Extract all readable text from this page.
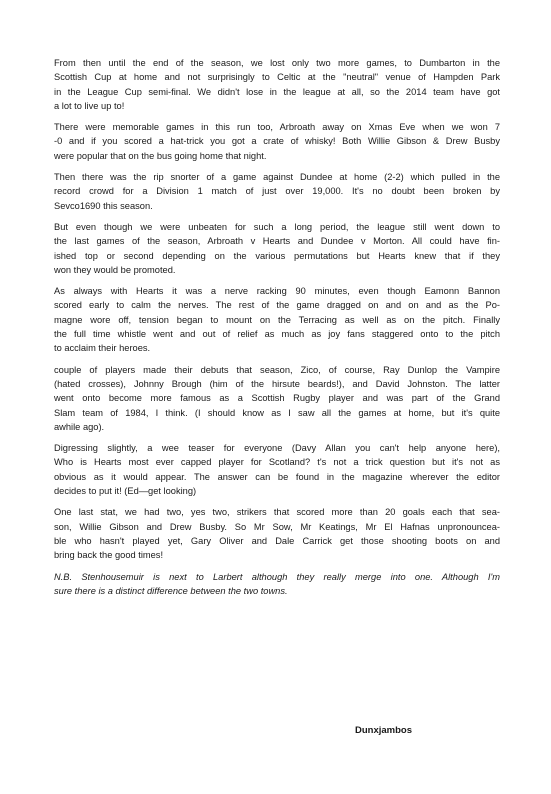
From then until the end of the season, we lost only two more games, to Dumbarton in the
Scottish Cup at home and not surprisingly to Celtic at the "neutral" venue of Hampden Park
in the League Cup semi-final. We didn't lose in the league at all, so the 2014 team have got
a lot to live up to!
There were memorable games in this run too, Arbroath away on Xmas Eve when we won 7
-0 and if you scored a hat-trick you got a crate of whisky! Both Willie Gibson & Drew Busby
were popular that on the bus going home that night.
Then there was the rip snorter of a game against Dundee at home (2-2) which pulled in the
record crowd for a Division 1 match of just over 19,000. It's no doubt been broken by
Sevco1690 this season.
But even though we were unbeaten for such a long period, the league still went down to
the last games of the season, Arbroath v Hearts and Dundee v Morton. All could have fin-
ished top or second depending on the various permutations but Hearts knew that if they
won they would be promoted.
As always with Hearts it was a nerve racking 90 minutes, even though Eamonn Bannon
scored early to calm the nerves. The rest of the game dragged on and on and as the Po-
magne wore off, tension began to mount on the Terracing as well as on the pitch. Finally
the full time whistle went and out of relief as much as joy fans staggered onto to the pitch
to acclaim their heroes.
couple of players made their debuts that season, Zico, of course, Ray Dunlop the Vampire
(hated crosses), Johnny Brough (him of the hirsute beards!), and David Johnston. The latter
went onto become more famous as a Scottish Rugby player and was part of the Grand
Slam team of 1984, I think. (I should know as I saw all the games at home, but it's quite
awhile ago).
Digressing slightly, a wee teaser for everyone (Davy Allan you can't help anyone here),
Who is Hearts most ever capped player for Scotland? t's not a trick question but it's not as
obvious as it would appear. The answer can be found in the magazine wherever the editor
decides to put it! (Ed—get looking)
One last stat, we had two, yes two, strikers that scored more than 20 goals each that sea-
son, Willie Gibson and Drew Busby. So Mr Sow, Mr Keatings, Mr El Hafnas unpronouncea-
ble who hasn't played yet, Gary Oliver and Dale Carrick get those shooting boots on and
bring back the good times!
N.B. Stenhousemuir is next to Larbert although they really merge into one. Although I'm
sure there is a distinct difference between the two towns.
Dunxjambos
